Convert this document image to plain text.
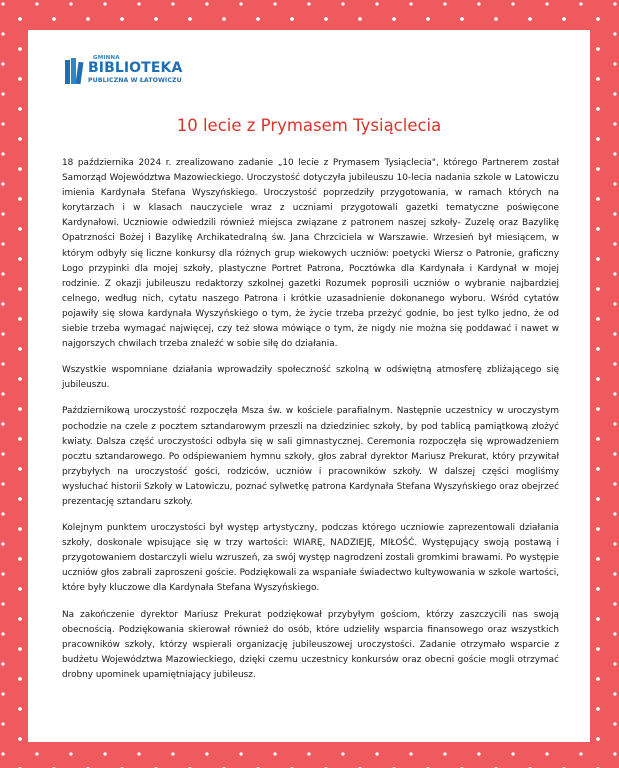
GMINNA
BIBLIOTEKA
PUBLICZNA W ŁATOWICZU
10 lecie z Prymasem Tysiąclecia

18 października 2024 r. zrealizowano zadanie „10 lecie z Prymasem Tysiąclecia", którego Partnerem został Samorząd Województwa Mazowieckiego. Uroczystość dotyczyła jubileuszu 10-lecia nadania szkole w Latowiczu imienia Kardynała Stefana Wyszyńskiego. Uroczystość poprzedziły przygotowania, w ramach których na korytarzach i w klasach nauczyciele wraz z uczniami przygotowali gazetki tematyczne poświęcone Kardynałowi. Uczniowie odwiedzili również miejsca związane z patronem naszej szkoły- Zuzelę oraz Bazylikę Opatrzności Bożej i Bazylikę Archikatedralną św. Jana Chrzciciela w Warszawie. Wrzesień był miesiącem, w którym odbyły się liczne konkursy dla różnych grup wiekowych uczniów: poetycki Wiersz o Patronie, graficzny Logo przypinki dla mojej szkoły, plastyczne Portret Patrona, Pocztówka dla Kardynała i Kardynał w mojej rodzinie. Z okazji jubileuszu redaktorzy szkolnej gazetki Rozumek poprosili uczniów o wybranie najbardziej celnego, według nich, cytatu naszego Patrona i krótkie uzasadnienie dokonanego wyboru. Wśród cytatów pojawiły się słowa kardynała Wyszyńskiego o tym, że życie trzeba przeżyć godnie, bo jest tylko jedno, że od siebie trzeba wymagać najwięcej, czy też słowa mówiące o tym, że nigdy nie można się poddawać i nawet w najgorszych chwilach trzeba znaleźć w sobie siłę do działania.

Wszystkie wspomniane działania wprowadziły społeczność szkolną w odświętną atmosferę zbliżającego się jubileuszu.

Październikową uroczystość rozpoczęła Msza św. w kościele parafialnym. Następnie uczestnicy w uroczystym pochodzie na czele z pocztem sztandarowym przeszli na dziedziniec szkoły, by pod tablicą pamiątkową złożyć kwiaty. Dalsza część uroczystości odbyła się w sali gimnastycznej. Ceremonia rozpoczęła się wprowadzeniem pocztu sztandarowego. Po odśpiewaniem hymnu szkoły, głos zabrał dyrektor Mariusz Prekurat, który przywitał przybyłych na uroczystość gości, rodziców, uczniów i pracowników szkoły. W dalszej części mogliśmy wysłuchać historii Szkoły w Latowiczu, poznać sylwetkę patrona Kardynała Stefana Wyszyńskiego oraz obejrzeć prezentację sztandaru szkoły.

Kolejnym punktem uroczystości był występ artystyczny, podczas którego uczniowie zaprezentowali działania szkoły, doskonale wpisujące się w trzy wartości: WIARĘ, NADZIEJĘ, MIŁOŚĆ. Występujący swoją postawą i przygotowaniem dostarczyli wielu wzruszeń, za swój występ nagrodzeni zostali gromkimi brawami. Po występie uczniów głos zabrali zaproszeni goście. Podziękowali za wspaniałe świadectwo kultywowania w szkole wartości, które były kluczowe dla Kardynała Stefana Wyszyńskiego.

Na zakończenie dyrektor Mariusz Prekurat podziękował przybyłym gościom, którzy zaszczycili nas swoją obecnością. Podziękowania skierował również do osób, które udzieliły wsparcia finansowego oraz wszystkich pracowników szkoły, którzy wspierali organizację jubileuszowej uroczystości. Zadanie otrzymało wsparcie z budżetu Województwa Mazowieckiego, dzięki czemu uczestnicy konkursów oraz obecni goście mogli otrzymać drobny upominek upamiętniający jubileusz.
